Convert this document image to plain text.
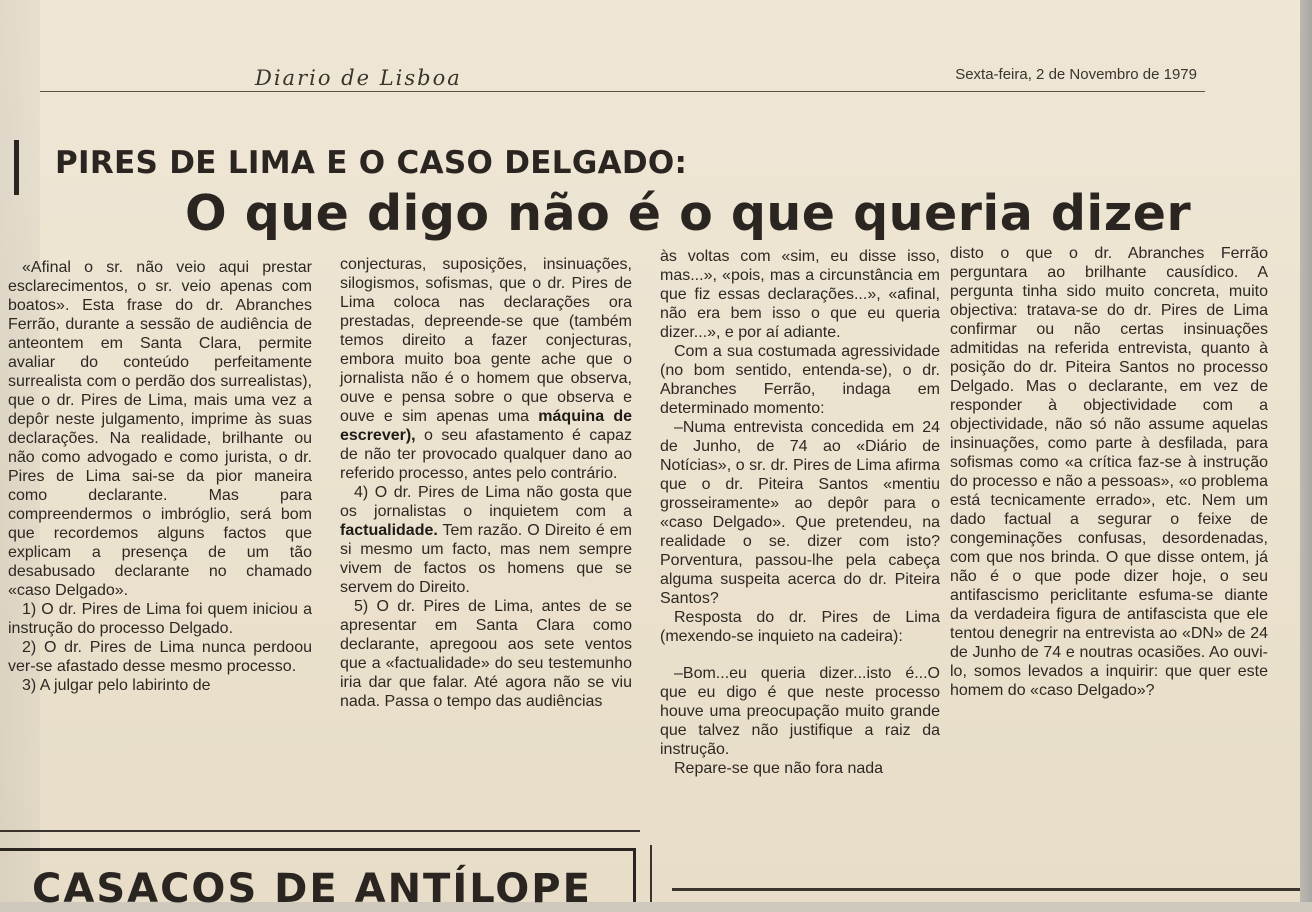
Diario de Lisboa	Sexta-feira, 2 de Novembro de 1979
PIRES DE LIMA E O CASO DELGADO:
O que digo não é o que queria dizer

«Afinal o sr. não veio aqui prestar esclarecimentos, o sr. veio apenas com boatos». Esta frase do dr. Abranches Ferrão, durante a sessão de audiência de anteontem em Santa Clara, permite avaliar do conteúdo perfeitamente surrealista com o perdão dos surrealistas), que o dr. Pires de Lima, mais uma vez a depôr neste julgamento, imprime às suas declarações. Na realidade, brilhante ou não como advogado e como jurista, o dr. Pires de Lima sai-se da pior maneira como declarante. Mas para compreendermos o imbróglio, será bom que recordemos alguns factos que explicam a presença de um tão desabusado declarante no chamado «caso Delgado».

1) O dr. Pires de Lima foi quem iniciou a instrução do processo Delgado.

2) O dr. Pires de Lima nunca perdoou ver-se afastado desse mesmo processo.

3) A julgar pelo labirinto de

conjecturas, suposições, insinuações, silogismos, sofismas, que o dr. Pires de Lima coloca nas declarações ora prestadas, depreende-se que (também temos direito a fazer conjecturas, embora muito boa gente ache que o jornalista não é o homem que observa, ouve e pensa sobre o que observa e ouve e sim apenas uma máquina de escrever), o seu afastamento é capaz de não ter provocado qualquer dano ao referido processo, antes pelo contrário.

4) O dr. Pires de Lima não gosta que os jornalistas o inquietem com a factualidade. Tem razão. O Direito é em si mesmo um facto, mas nem sempre vivem de factos os homens que se servem do Direito.

5) O dr. Pires de Lima, antes de se apresentar em Santa Clara como declarante, apregoou aos sete ventos que a «factualidade» do seu testemunho iria dar que falar. Até agora não se viu nada. Passa o tempo das audiências

às voltas com «sim, eu disse isso, mas...», «pois, mas a circunstância em que fiz essas declarações...», «afinal, não era bem isso o que eu queria dizer...», e por aí adiante.

Com a sua costumada agressividade (no bom sentido, entenda-se), o dr. Abranches Ferrão, indaga em determinado momento:

–Numa entrevista concedida em 24 de Junho, de 74 ao «Diário de Notícias», o sr. dr. Pires de Lima afirma que o dr. Piteira Santos «mentiu grosseiramente» ao depôr para o «caso Delgado». Que pretendeu, na realidade o se. dizer com isto? Porventura, passou-lhe pela cabeça alguma suspeita acerca do dr. Piteira Santos?

Resposta do dr. Pires de Lima (mexendo-se inquieto na cadeira):

–Bom...eu queria dizer...isto é...O que eu digo é que neste processo houve uma preocupação muito grande que talvez não justifique a raiz da instrução.

Repare-se que não fora nada

disto o que o dr. Abranches Ferrão perguntara ao brilhante causídico. A pergunta tinha sido muito concreta, muito objectiva: tratava-se do dr. Pires de Lima confirmar ou não certas insinuações admitidas na referida entrevista, quanto à posição do dr. Piteira Santos no processo Delgado. Mas o declarante, em vez de responder à objectividade com a objectividade, não só não assume aquelas insinuações, como parte à desfilada, para sofismas como «a crítica faz-se à instrução do processo e não a pessoas», «o problema está tecnicamente errado», etc. Nem um dado factual a segurar o feixe de congeminações confusas, desordenadas, com que nos brinda. O que disse ontem, já não é o que pode dizer hoje, o seu antifascismo periclitante esfuma-se diante da verdadeira figura de antifascista que ele tentou denegrir na entrevista ao «DN» de 24 de Junho de 74 e noutras ocasiões. Ao ouvi-lo, somos levados a inquirir: que quer este homem do «caso Delgado»?

CASACOS DE ANTÍLOPE
